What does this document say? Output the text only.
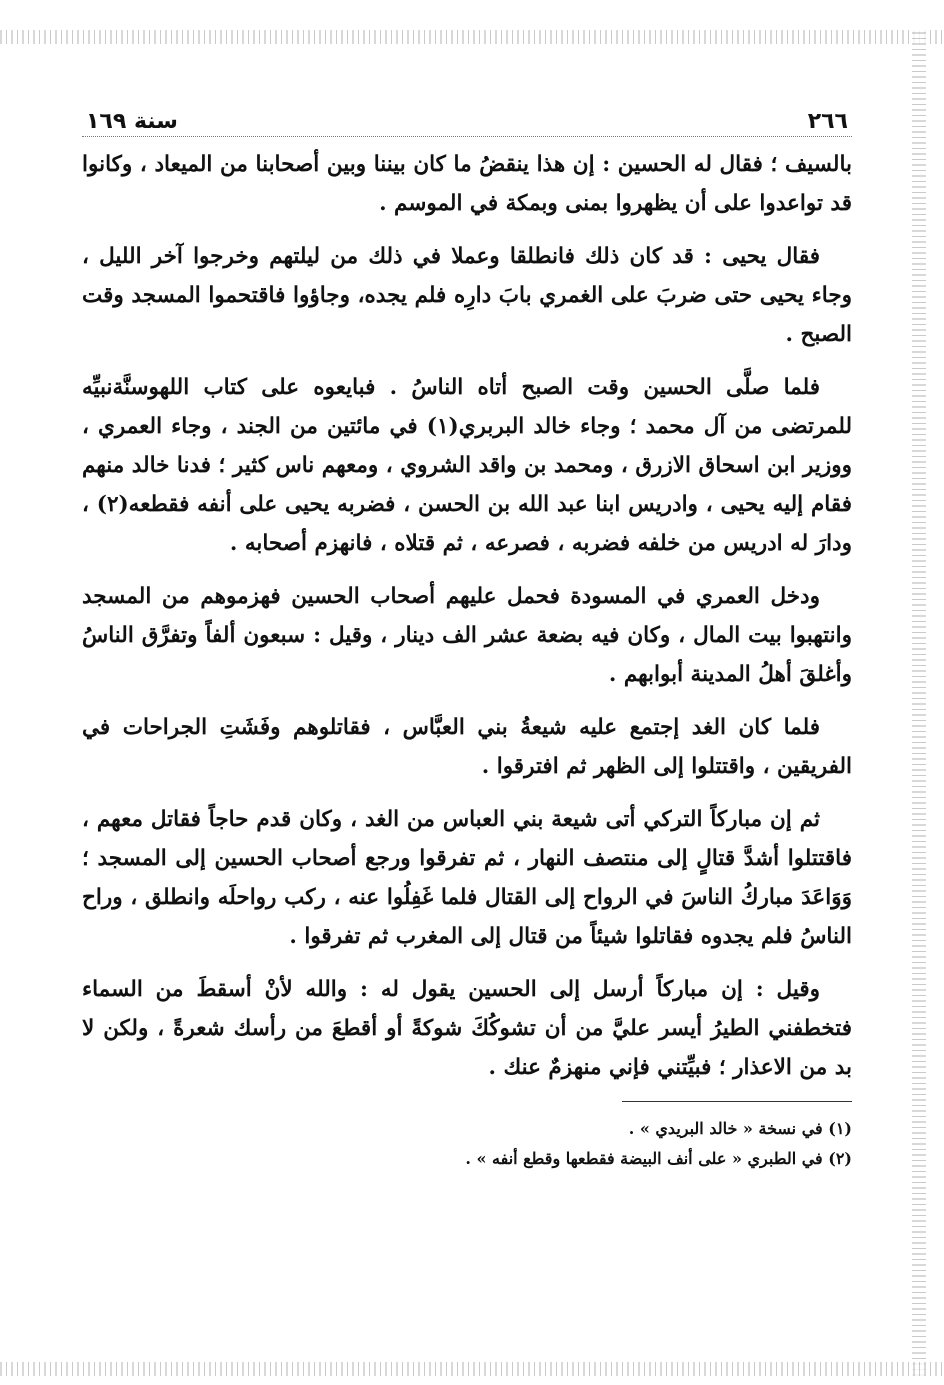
٢٦٦
سنة ١٦٩

بالسيف ؛ فقال له الحسين : إن هذا ينقضُ ما كان بيننا وبين أصحابنا من الميعاد ، وكانوا قد تواعدوا على أن يظهروا بمنى وبمكة في الموسم .

فقال يحيى : قد كان ذلك فانطلقا وعملا في ذلك من ليلتهم وخرجوا آخر الليل ، وجاء يحيى حتى ضربَ على الغمري بابَ دارِه فلم يجده، وجاؤوا فاقتحموا المسجد وقت الصبح .

فلما صلَّى الحسين وقت الصبح أتاه الناسُ . فبايعوه على كتاب اللهوسنَّةنبيِّه للمرتضى من آل محمد ؛ وجاء خالد البربري(١) في مائتين من الجند ، وجاء العمري ، ووزير ابن اسحاق الازرق ، ومحمد بن واقد الشروي ، ومعهم ناس كثير ؛ فدنا خالد منهم فقام إليه يحيى ، وادريس ابنا عبد الله بن الحسن ، فضربه يحيى على أنفه فقطعه(٢) ، ودارَ له ادريس من خلفه فضربه ، فصرعه ، ثم قتلاه ، فانهزم أصحابه .

ودخل العمري في المسودة فحمل عليهم أصحاب الحسين فهزموهم من المسجد وانتهبوا بيت المال ، وكان فيه بضعة عشر الف دينار ، وقيل : سبعون ألفاً وتفرَّق الناسُ وأغلقَ أهلُ المدينة أبوابهم .

فلما كان الغد إجتمع عليه شيعةُ بني العبَّاس ، فقاتلوهم وفَشَتِ الجراحات في الفريقين ، واقتتلوا إلى الظهر ثم افترقوا .

ثم إن مباركاً التركي أتى شيعة بني العباس من الغد ، وكان قدم حاجاً فقاتل معهم ، فاقتتلوا أشدَّ قتالٍ إلى منتصف النهار ، ثم تفرقوا ورجع أصحاب الحسين إلى المسجد ؛ وَوَاعَدَ مباركُ الناسَ في الرواح إلى القتال فلما غَفِلُوا عنه ، ركب رواحلَه وانطلق ، وراح الناسُ فلم يجدوه فقاتلوا شيئاً من قتال إلى المغرب ثم تفرقوا .

وقيل : إن مباركاً أرسل إلى الحسين يقول له : والله لأنْ أسقطَ من السماء فتخطفني الطيرُ أيسر عليَّ من أن تشوكُكَ شوكةً أو أقطعَ من رأسك شعرةً ، ولكن لا بد من الاعذار ؛ فبيِّتني فإني منهزمٌ عنك .

(١) في نسخة « خالد البريدي » .
(٢) في الطبري « على أنف البيضة فقطعها وقطع أنفه » .
